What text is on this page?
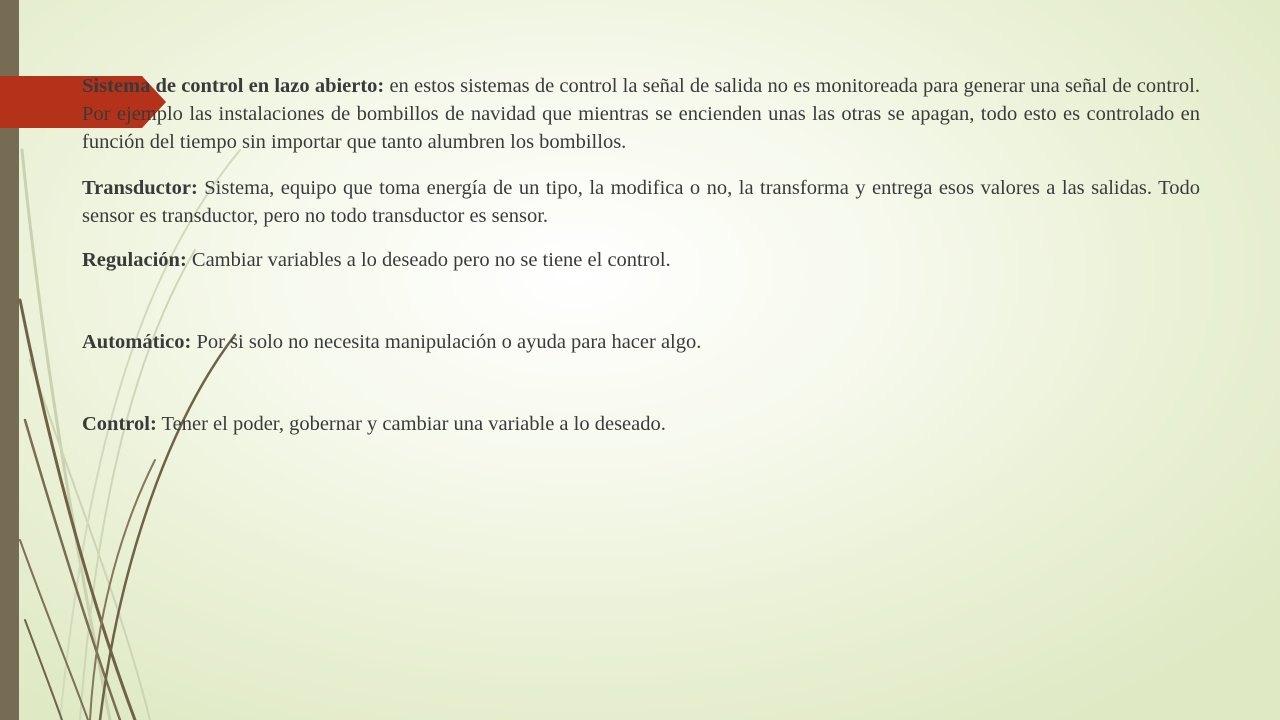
Sistema de control en lazo abierto: en estos sistemas de control la señal de salida no es monitoreada para generar una señal de control. Por ejemplo las instalaciones de bombillos de navidad que mientras se encienden unas las otras se apagan, todo esto es controlado en función del tiempo sin importar que tanto alumbren los bombillos.

Transductor: Sistema, equipo que toma energía de un tipo, la modifica o no, la transforma y entrega esos valores a las salidas. Todo sensor es transductor, pero no todo transductor es sensor.

Regulación: Cambiar variables a lo deseado pero no se tiene el control.

Automático: Por si solo no necesita manipulación o ayuda para hacer algo.

Control: Tener el poder, gobernar y cambiar una variable a lo deseado.
